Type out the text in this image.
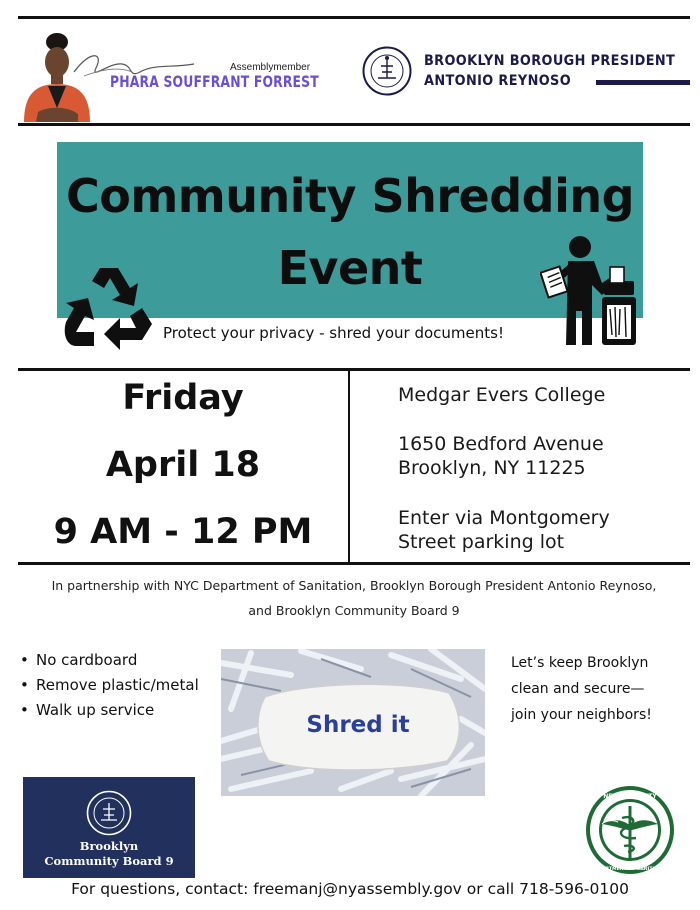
Assemblymember
PHARA SOUFFRANT FORREST
BROOKLYN BOROUGH PRESIDENT
ANTONIO REYNOSO
Community Shredding
Event
Protect your privacy - shred your documents!
Friday
April 18
9 AM - 12 PM
Medgar Evers College
1650 Bedford Avenue
Brooklyn, NY 11225
Enter via Montgomery
Street parking lot
In partnership with NYC Department of Sanitation, Brooklyn Borough President Antonio Reynoso,
and Brooklyn Community Board 9
• No cardboard
• Remove plastic/metal
• Walk up service
Shred it
Let’s keep Brooklyn
clean and secure—
join your neighbors!
Brooklyn
Community Board 9
NEW YORK CITY
DEPARTMENT OF SANITATION
For questions, contact: freemanj@nyassembly.gov or call 718-596-0100
